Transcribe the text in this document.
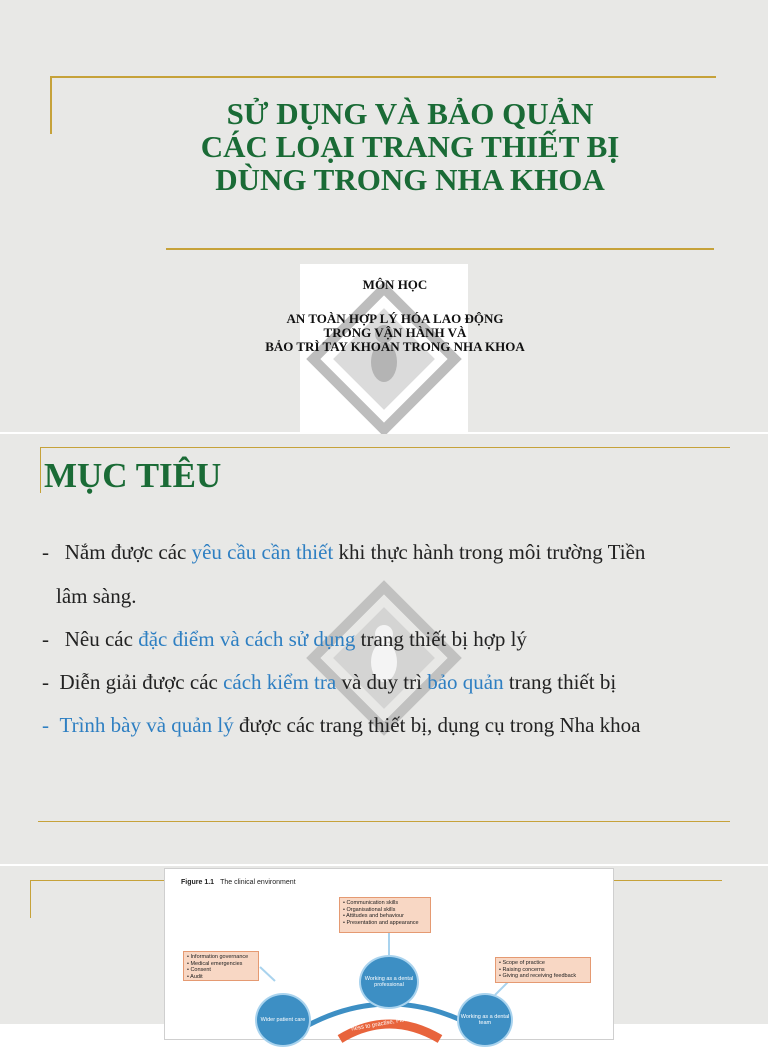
SỬ DỤNG VÀ BẢO QUẢN
CÁC LOẠI TRANG THIẾT BỊ
DÙNG TRONG NHA KHOA
MÔN HỌC
AN TOÀN HỢP LÝ HÓA LAO ĐỘNG
TRONG VẬN HÀNH VÀ
BẢO TRÌ TAY KHOAN TRONG NHA KHOA
MỤC TIÊU
- Nắm được các yêu cầu cần thiết khi thực hành trong môi trường Tiền
lâm sàng.
- Nêu các đặc điểm và cách sử dụng trang thiết bị hợp lý
- Diễn giải được các cách kiểm tra và duy trì bảo quản trang thiết bị
- Trình bày và quản lý được các trang thiết bị, dụng cụ trong Nha khoa
Figure 1.1 The clinical environment
ness to practise, Fitness
• Communication skills
• Organisational skills
• Attitudes and behaviour
• Presentation and appearance
• Information governance
• Medical emergencies
• Consent
• Audit
• Scope of practice
• Raising concerns
• Giving and receiving feedback
Working as a dental professional
Wider patient care
Working as a dental team
